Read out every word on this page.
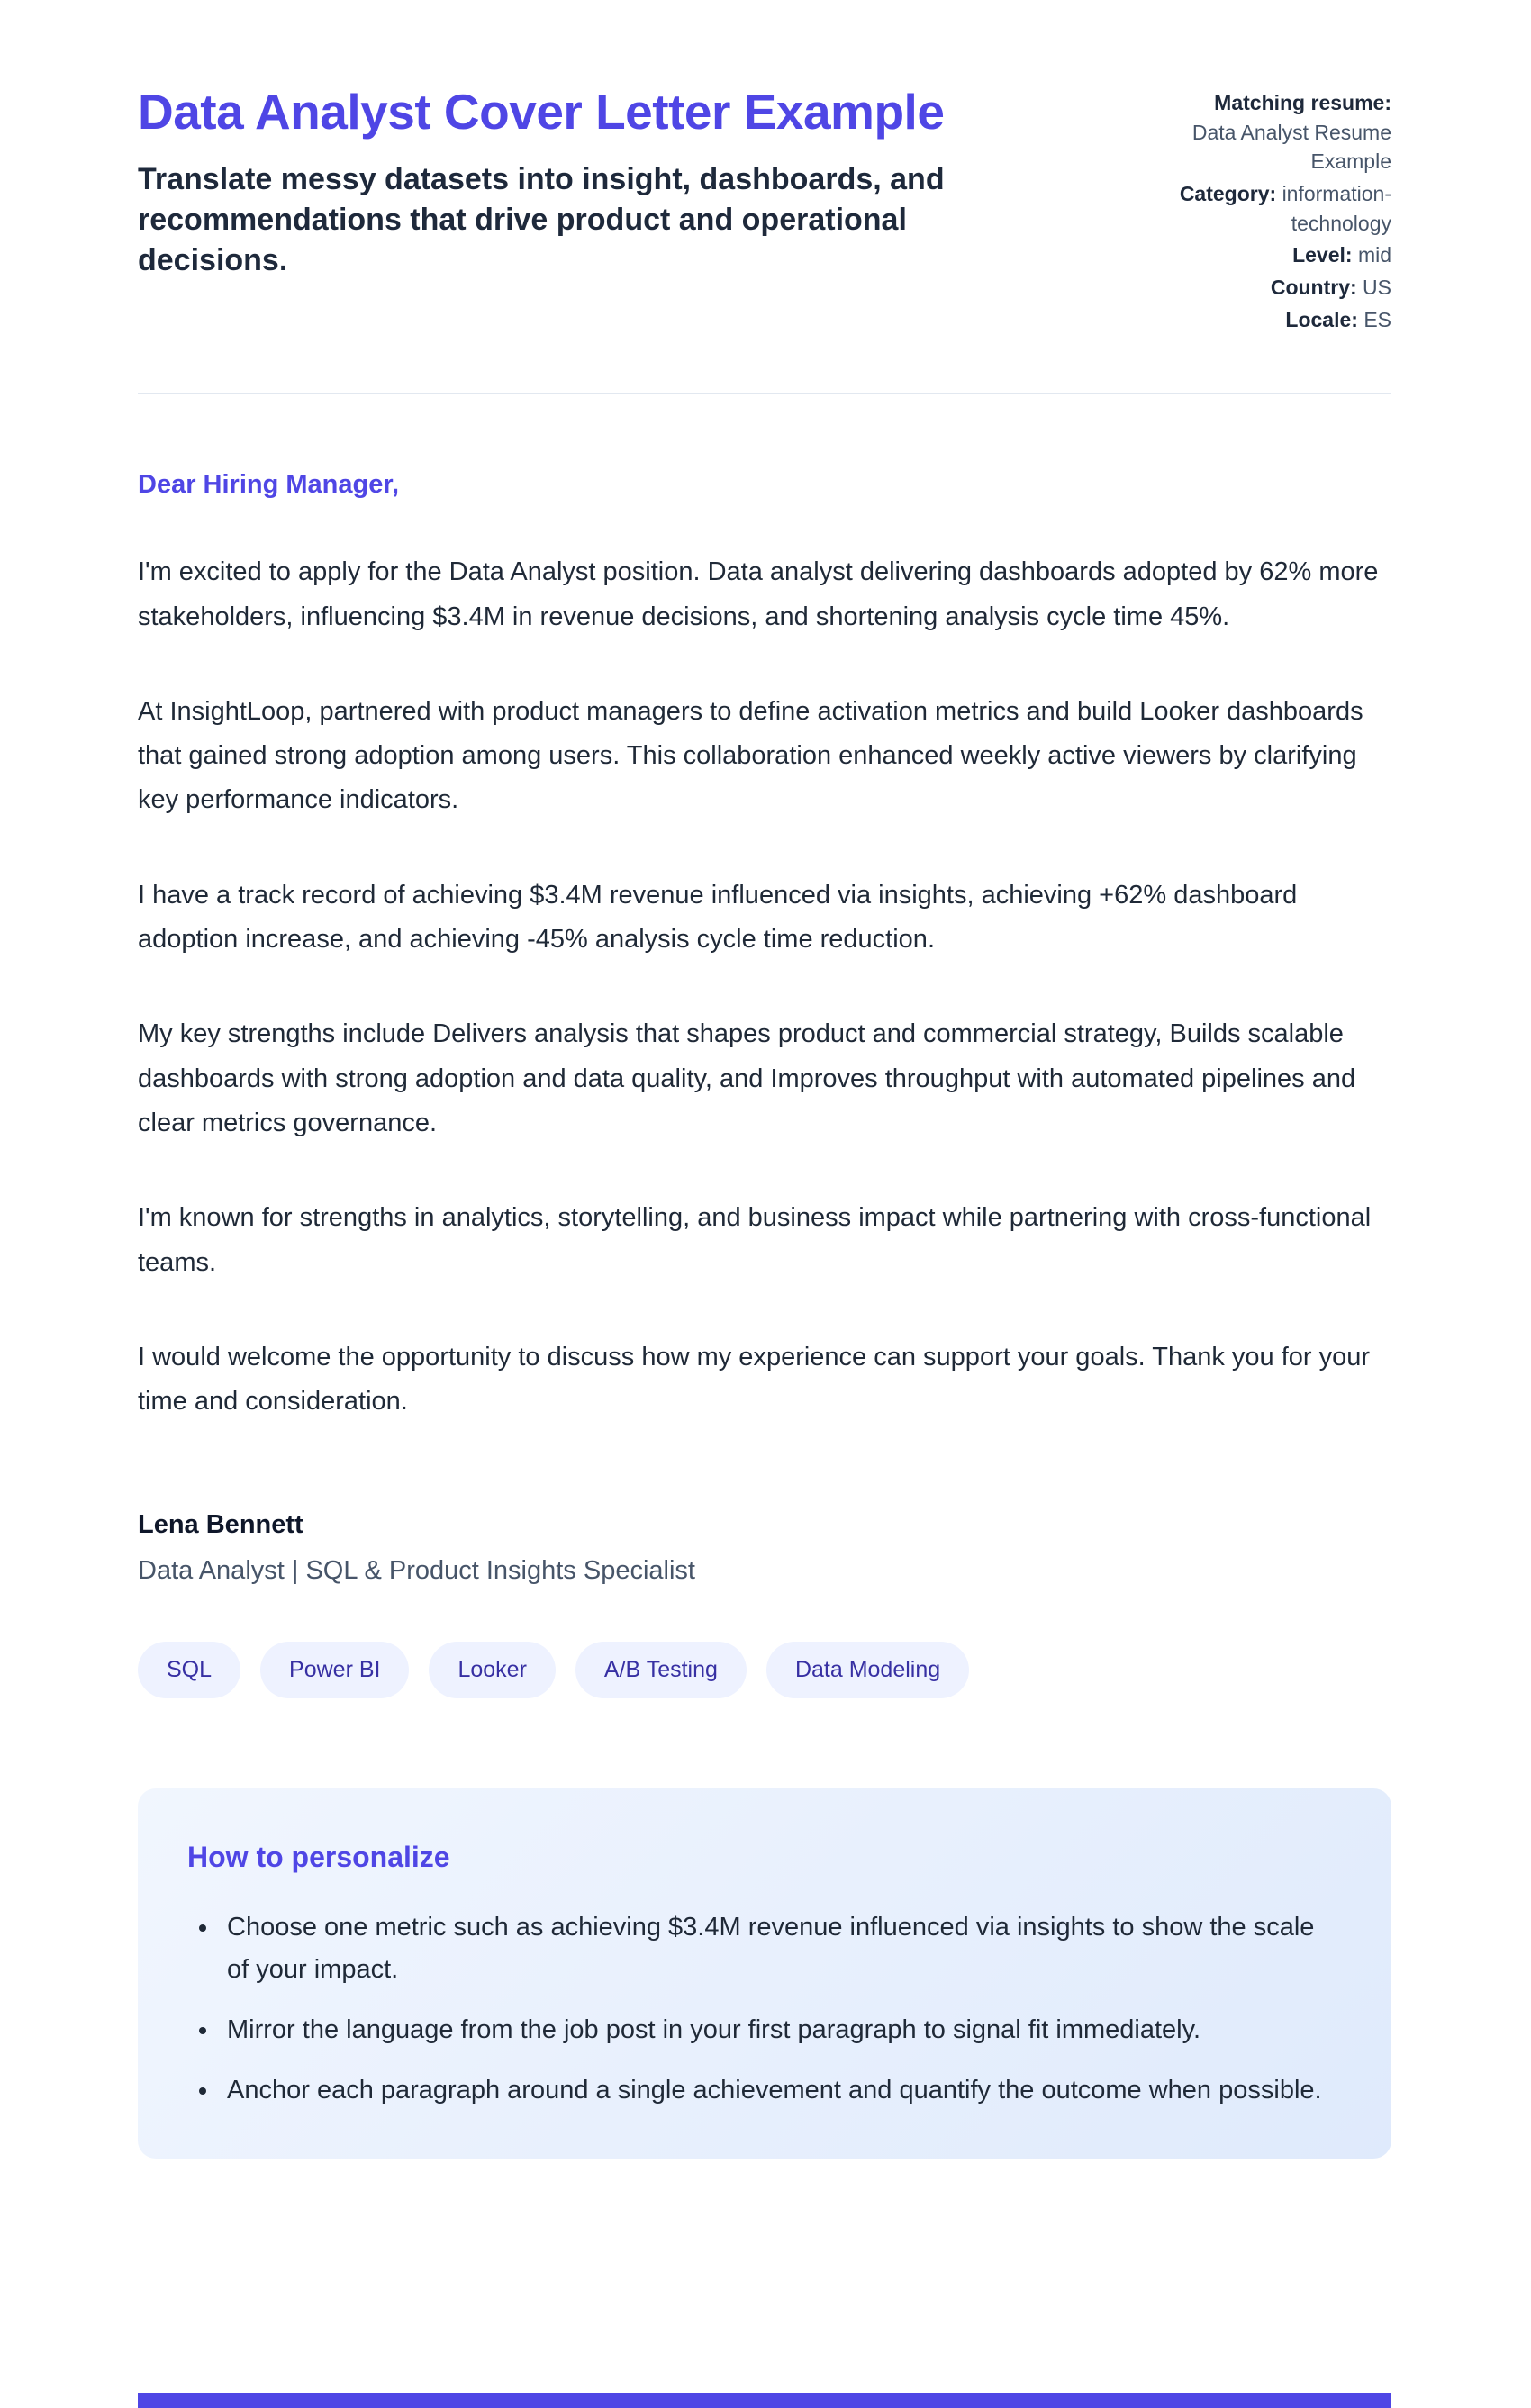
Data Analyst Cover Letter Example

Translate messy datasets into insight, dashboards, and recommendations that drive product and operational decisions.

Matching resume: Data Analyst Resume Example
Category: information-technology
Level: mid
Country: US
Locale: ES

Dear Hiring Manager,

I'm excited to apply for the Data Analyst position. Data analyst delivering dashboards adopted by 62% more stakeholders, influencing $3.4M in revenue decisions, and shortening analysis cycle time 45%.

At InsightLoop, partnered with product managers to define activation metrics and build Looker dashboards that gained strong adoption among users. This collaboration enhanced weekly active viewers by clarifying key performance indicators.

I have a track record of achieving $3.4M revenue influenced via insights, achieving +62% dashboard adoption increase, and achieving -45% analysis cycle time reduction.

My key strengths include Delivers analysis that shapes product and commercial strategy, Builds scalable dashboards with strong adoption and data quality, and Improves throughput with automated pipelines and clear metrics governance.

I'm known for strengths in analytics, storytelling, and business impact while partnering with cross-functional teams.

I would welcome the opportunity to discuss how my experience can support your goals. Thank you for your time and consideration.

Lena Bennett

Data Analyst | SQL & Product Insights Specialist

SQL	Power BI	Looker	A/B Testing	Data Modeling
How to personalize
• Choose one metric such as achieving $3.4M revenue influenced via insights to show the scale of your impact.
• Mirror the language from the job post in your first paragraph to signal fit immediately.
• Anchor each paragraph around a single achievement and quantify the outcome when possible.
